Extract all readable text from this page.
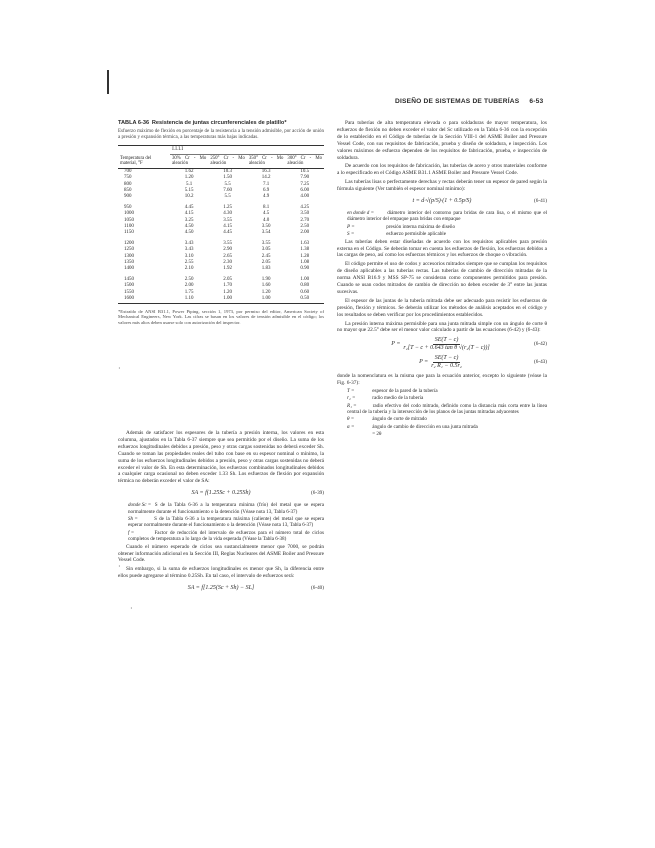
·
·
·
DISEÑO DE SISTEMAS DE TUBERÍAS 6-53
TABLA 6-36 Resistencia de juntas circunferenciales de platillo*
Esfuerzo máximo de flexión en porcentaje de la resistencia a la tensión admisible, por acción de unión a presión y expansión térmica, a las temperaturas más bajas indicadas.
Temperatura del material, °F	Ⅰ.Ⅰ.Ⅰ.Ⅰ			
	30% Cr - Mo aleación	250° Cr - Mo aleación	350° Cr - Mo aleación	300° Cr - Mo aleación
700	1.62	10.3	16.3	10.5
750	1.20	1.50	14.2	7.90
800	5.1	5.5	7.1	7.25
850	5.15	7.60	6.9	6.00
900	10.2	5.5	4.9	4.00
950	4.45	1.25	8.1	4.25
1000	4.15	4.30	4.5	3.50
1050	3.25	3.55	4.0	2.70
1100	4.50	4.15	3.50	2.50
1150	4.50	4.45	3.54	2.00
1200	3.43	3.55	3.55	1.63
1250	3.43	2.90	3.05	1.38
1300	3.10	2.65	2.45	1.28
1350	2.55	2.30	2.05	1.08
1400	2.10	1.92	1.83	0.90
1450	2.50	2.05	1.90	1.00
1500	2.00	1.70	1.60	0.80
1550	1.75	1.20	1.20	0.60
1600	1.10	1.00	1.00	0.50
*Extraído de ANSI B31.1, Power Piping, sección 1, 1973, por permiso del editor, American Society of Mechanical Engineers, New York. Las cifras se basan en los valores de tensión admisible en el código; los valores más altos deben usarse solo con autorización del inspector.

Además de satisfacer los espesores de la tubería a presión interna, los valores en esta columna, ajustados en la Tabla 6-37 siempre que sea permitido por el diseño. La suma de los esfuerzos longitudinales debidos a presión, peso y otras cargas sostenidas no deberá exceder Sh. Cuando se toman las propiedades reales del tubo con base en su espesor nominal o mínimo, la suma de los esfuerzos longitudinales debidos a presión, peso y otras cargas sostenidas no deberá exceder el valor de Sh. En esta determinación, los esfuerzos combinados longitudinales debidos a cualquier carga ocasional no deben exceder 1.33 Sh. Los esfuerzos de flexión por expansión térmica no deberán exceder el valor de SA:

SA = f(1.25Sc + 0.25Sh)	(6-39)
donde Sc = S de la Tabla 6-36 a la temperatura mínima (frío) del metal que se espera normalmente durante el funcionamiento o la detención (Véase nota 13, Tabla 6-37)
Sh =	S de la Tabla 6-36 a la temperatura máxima (caliente) del metal que se espera esperar normalmente durante el funcionamiento o la detención (Véase nota 13, Tabla 6-37)
f =	Factor de reducción del intervalo de esfuerzos para el número total de ciclos completos de temperatura a lo largo de la vida esperada (Véase la Tabla 6-38)

Cuando el número esperado de ciclos sea sustancialmente menor que 7000, se podrán obtener información adicional en la Sección III, Reglas Nucleares del ASME Boiler and Pressure Vessel Code.

Sin embargo, si la suma de esfuerzos longitudinales es menor que Sh, la diferencia entre ellos puede agregarse al término 0.25Sh. En tal caso, el intervalo de esfuerzos será:

SA = f[1.25(Sc + Sh) − SL]	(6-40)

Para tuberías de alta temperatura elevada o para soldaduras de mayor temperatura, los esfuerzos de flexión no deben exceder el valor del Sc utilizado en la Tabla 6-36 con la excepción de lo establecido en el Código de tuberías de la Sección VIII-1 del ASME Boiler and Pressure Vessel Code, con sus requisitos de fabricación, prueba y diseño de soldadura, e inspección. Los valores máximos de esfuerzo dependen de los requisitos de fabricación, prueba, e inspección de soldadura.

De acuerdo con los requisitos de fabricación, las tuberías de acero y otros materiales conforme a lo especificado en el Código ASME B31.1 ASME Boiler and Pressure Vessel Code.

Las tuberías lisas o perfectamente derechas y rectas deberán tener un espesor de pared según la fórmula siguiente (Ver también el espesor nominal mínimo):

t = d·√(p/S)·(1 + 0.5p/S)	(6-41)
en donde d =	diámetro interior del contorno para bridas de cara lisa, o el mismo que el diámetro interior del empaque para bridas con empaque
P =	presión interna máxima de diseño
S =	esfuerzo permisible aplicable

Las tuberías deben estar diseñadas de acuerdo con los requisitos aplicables para presión externa en el Código. Se deberán tomar en cuenta los esfuerzos de flexión, los esfuerzos debidos a las cargas de peso, así como los esfuerzos térmicos y los esfuerzos de choque o vibración.

El código permite el uso de codos y accesorios mitrados siempre que se cumplan los requisitos de diseño aplicables a las tuberías rectas. Las tuberías de cambio de dirección mitradas de la norma ANSI B16.9 y MSS SP-75 se consideran como componentes permitidos para presión. Cuando se usan codos mitrados de cambio de dirección no deben exceder de 3° entre las juntas sucesivas.

El espesor de las juntas de la tubería mitrada debe ser adecuado para resistir los esfuerzos de presión, flexión y térmicos. Se deberán utilizar los métodos de análisis aceptados en el código y los resultados se deben verificar por los procedimientos establecidos.

La presión interna máxima permisible para una junta mitrada simple con un ángulo de corte θ no mayor que 22.5° debe ser el menor valor calculado a partir de las ecuaciones (6-42) y (6-43):

$P = \frac{SE(T - c)}{\text{r₂[T − c + 0.643 tan θ √(r₂(T − c))]}}$	(6-42)
$P = \frac{SE(T - c)}{\text{r₂ R₁ − 0.5r₂}}$	(6-43)

donde la nomenclatura es la misma que para la ecuación anterior, excepto lo siguiente (véase la Fig. 6-37):

T =	espesor de la pared de la tubería
r₂ =	radio medio de la tubería
R₁ =	radio efectivo del codo mitrado, definido como la distancia más corta entre la línea central de la tubería y la intersección de los planos de las juntas mitradas adyacentes
θ =	ángulo de corte de mitrado
α =	ángulo de cambio de dirección en una junta mitrada
= 2θ
